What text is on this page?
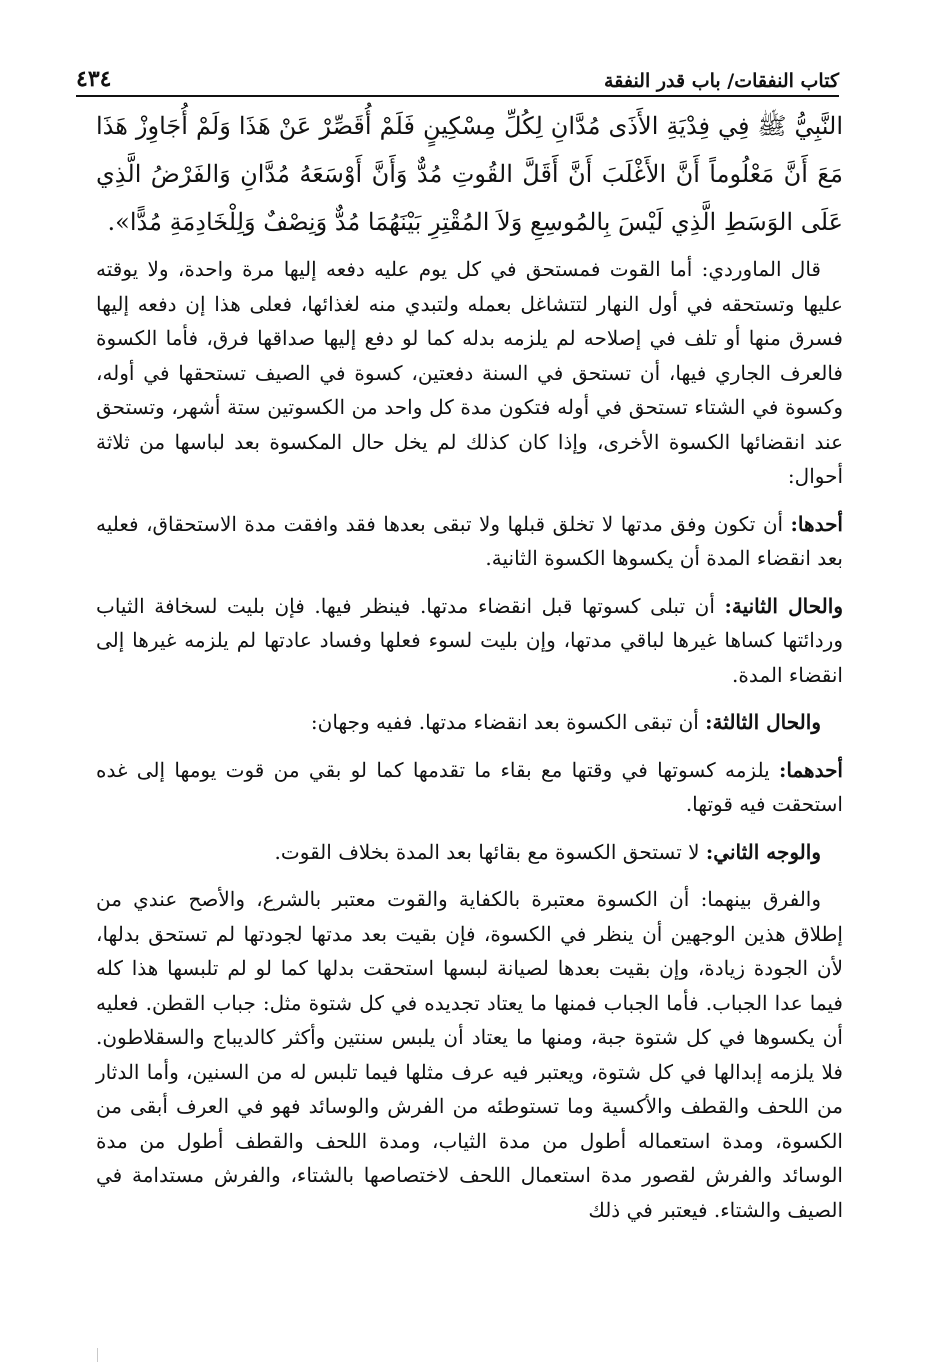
كتاب النفقات/ باب قدر النفقة
٤٣٤

النَّبِيُّ ﷺ فِي فِدْيَةِ الأَذَى مُدَّانِ لِكُلِّ مِسْكِينٍ فَلَمْ أُقَصِّرْ عَنْ هَذَا وَلَمْ أُجَاوِزْ هَذَا مَعَ أَنَّ مَعْلُوماً أَنَّ الأَغْلَبَ أَنَّ أَقَلَّ القُوتِ مُدٌّ وَأَنَّ أَوْسَعَهُ مُدَّانِ وَالفَرْضُ الَّذِي عَلَى الوَسَطِ الَّذِي لَيْسَ بِالمُوسِعِ وَلاَ المُقْتِرِ بَيْنَهُمَا مُدٌّ وَنِصْفٌ وَلِلْخَادِمَةِ مُدًّا».

قال الماوردي: أما القوت فمستحق في كل يوم عليه دفعه إليها مرة واحدة، ولا يوقته عليها وتستحقه في أول النهار لتتشاغل بعمله ولتبدي منه لغذائها، فعلى هذا إن دفعه إليها فسرق منها أو تلف في إصلاحه لم يلزمه بدله كما لو دفع إليها صداقها فرق، فأما الكسوة فالعرف الجاري فيها، أن تستحق في السنة دفعتين، كسوة في الصيف تستحقها في أوله، وكسوة في الشتاء تستحق في أوله فتكون مدة كل واحد من الكسوتين ستة أشهر، وتستحق عند انقضائها الكسوة الأخرى، وإذا كان كذلك لم يخل حال المكسوة بعد لباسها من ثلاثة أحوال:

أحدها: أن تكون وفق مدتها لا تخلق قبلها ولا تبقى بعدها فقد وافقت مدة الاستحقاق، فعليه بعد انقضاء المدة أن يكسوها الكسوة الثانية.

والحال الثانية: أن تبلى كسوتها قبل انقضاء مدتها. فينظر فيها. فإن بليت لسخافة الثياب وردائتها كساها غيرها لباقي مدتها، وإن بليت لسوء فعلها وفساد عادتها لم يلزمه غيرها إلى انقضاء المدة.

والحال الثالثة: أن تبقى الكسوة بعد انقضاء مدتها. ففيه وجهان:

أحدهما: يلزمه كسوتها في وقتها مع بقاء ما تقدمها كما لو بقي من قوت يومها إلى غده استحقت فيه قوتها.

والوجه الثاني: لا تستحق الكسوة مع بقائها بعد المدة بخلاف القوت.

والفرق بينهما: أن الكسوة معتبرة بالكفاية والقوت معتبر بالشرع، والأصح عندي من إطلاق هذين الوجهين أن ينظر في الكسوة، فإن بقيت بعد مدتها لجودتها لم تستحق بدلها، لأن الجودة زيادة، وإن بقيت بعدها لصيانة لبسها استحقت بدلها كما لو لم تلبسها هذا كله فيما عدا الجباب. فأما الجباب فمنها ما يعتاد تجديده في كل شتوة مثل: جباب القطن. فعليه أن يكسوها في كل شتوة جبة، ومنها ما يعتاد أن يلبس سنتين وأكثر كالديباج والسقلاطون. فلا يلزمه إبدالها في كل شتوة، ويعتبر فيه عرف مثلها فيما تلبس له من السنين، وأما الدثار من اللحف والقطف والأكسية وما تستوطئه من الفرش والوسائد فهو في العرف أبقى من الكسوة، ومدة استعماله أطول من مدة الثياب، ومدة اللحف والقطف أطول من مدة الوسائد والفرش لقصور مدة استعمال اللحف لاختصاصها بالشتاء، والفرش مستدامة في الصيف والشتاء. فيعتبر في ذلك
